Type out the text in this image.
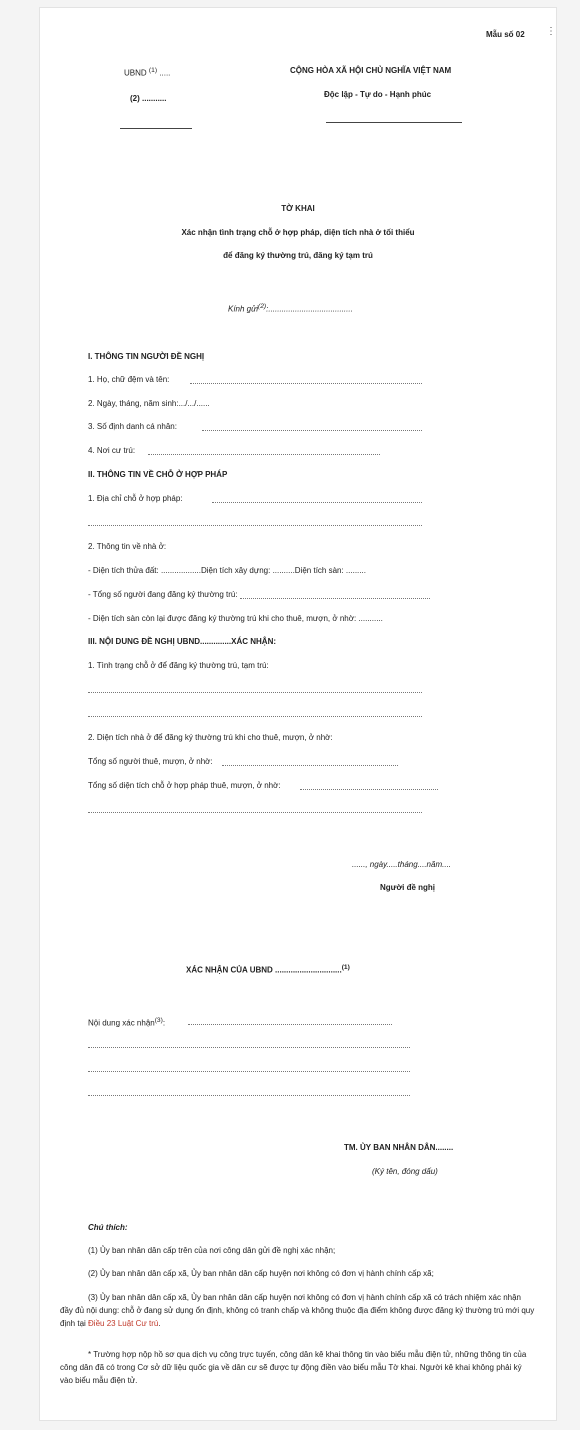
Mẫu số 02
UBND $^{(1)}$ .....
(2) ...........
CỘNG HÒA XÃ HỘI CHỦ NGHĨA VIỆT NAM
Độc lập - Tự do - Hạnh phúc
TỜ KHAI
Xác nhận tình trạng chỗ ở hợp pháp, diện tích nhà ở tối thiểu
để đăng ký thường trú, đăng ký tạm trú
Kính gửi$^{(2)}$:......................................
I. THÔNG TIN NGƯỜI ĐỀ NGHỊ
1. Họ, chữ đệm và tên:
2. Ngày, tháng, năm sinh:.../.../......
3. Số định danh cá nhân:
4. Nơi cư trú:
II. THÔNG TIN VỀ CHỖ Ở HỢP PHÁP
1. Địa chỉ chỗ ở hợp pháp:
2. Thông tin về nhà ở:
- Diện tích thửa đất: ..................Diện tích xây dựng: ..........Diện tích sàn: .........
- Tổng số người đang đăng ký thường trú:
- Diện tích sàn còn lại được đăng ký thường trú khi cho thuê, mượn, ở nhờ: ...........
III. NỘI DUNG ĐỀ NGHỊ UBND..............XÁC NHẬN:
1. Tình trạng chỗ ở để đăng ký thường trú, tạm trú:
2. Diện tích nhà ở để đăng ký thường trú khi cho thuê, mượn, ở nhờ:
Tổng số người thuê, mượn, ở nhờ:
Tổng số diện tích chỗ ở hợp pháp thuê, mượn, ở nhờ:
......, ngày.....tháng....năm....
Người đề nghị
XÁC NHẬN CỦA UBND ..............................$^{(1)}$
Nội dung xác nhận$^{(3)}$:
TM. ỦY BAN NHÂN DÂN........
(Ký tên, đóng dấu)
Chú thích:
(1) Ủy ban nhân dân cấp trên của nơi công dân gửi đề nghị xác nhận;
(2) Ủy ban nhân dân cấp xã, Ủy ban nhân dân cấp huyện nơi không có đơn vị hành chính cấp xã;
(3) Ủy ban nhân dân cấp xã, Ủy ban nhân dân cấp huyện nơi không có đơn vị hành chính cấp xã có trách nhiệm xác nhận đầy đủ nội dung: chỗ ở đang sử dụng ổn định, không có tranh chấp và không thuộc địa điểm không được đăng ký thường trú mới quy định tại Điều 23 Luật Cư trú.
* Trường hợp nộp hồ sơ qua dịch vụ công trực tuyến, công dân kê khai thông tin vào biểu mẫu điện tử, những thông tin của công dân đã có trong Cơ sở dữ liệu quốc gia về dân cư sẽ được tự động điền vào biểu mẫu Tờ khai. Người kê khai không phải ký vào biểu mẫu điện tử.
⋮
